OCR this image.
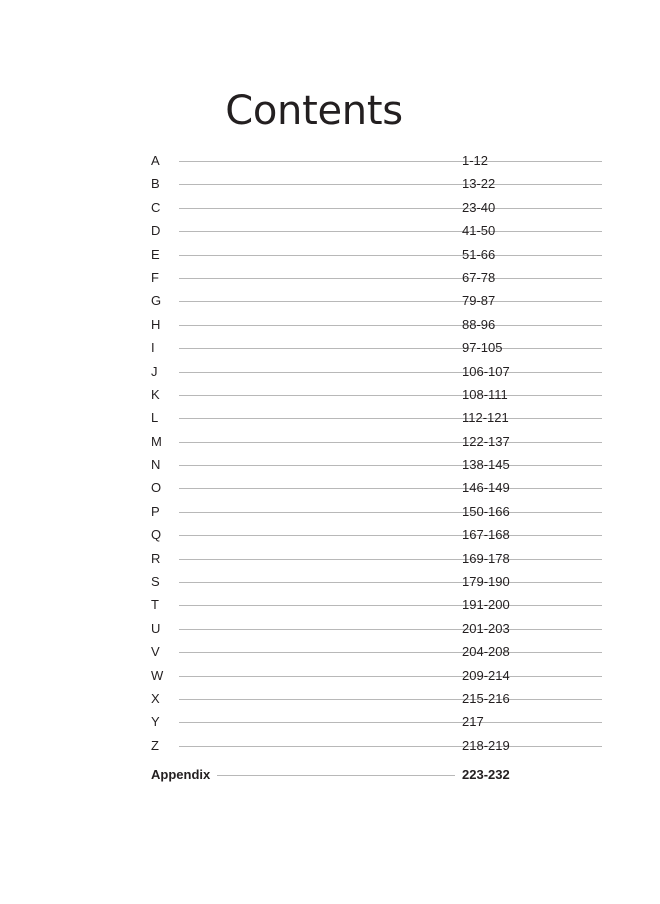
Contents
A	1-12
B	13-22
C	23-40
D	41-50
E	51-66
F	67-78
G	79-87
H	88-96
I	97-105
J	106-107
K	108-111
L	112-121
M	122-137
N	138-145
O	146-149
P	150-166
Q	167-168
R	169-178
S	179-190
T	191-200
U	201-203
V	204-208
W	209-214
X	215-216
Y	217
Z	218-219
Appendix	223-232
